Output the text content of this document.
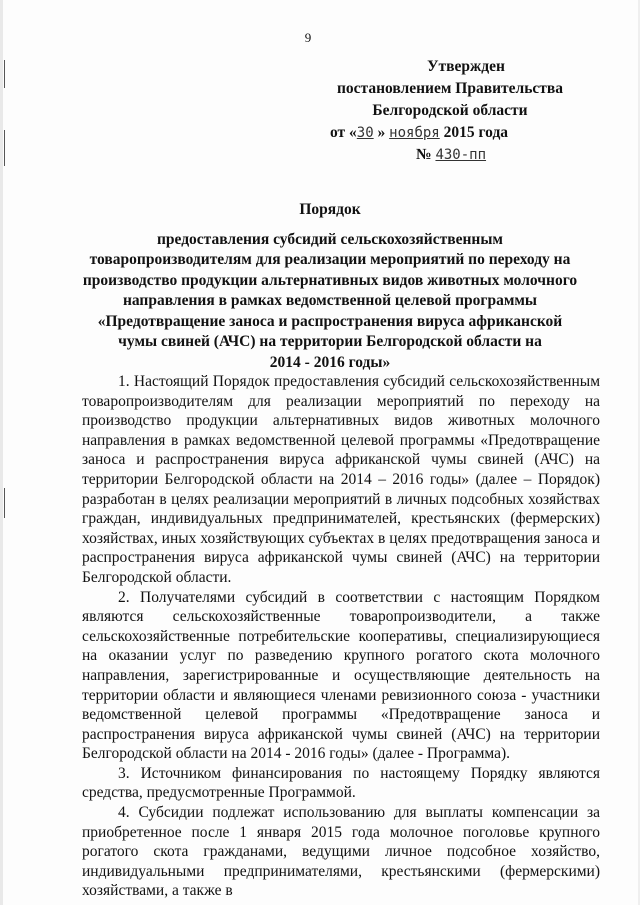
9
Утвержден
постановлением Правительства
Белгородской области
от «30 » ноября 2015 года
№ 430-пп
Порядок
предоставления субсидий сельскохозяйственным
товаропроизводителям для реализации мероприятий по переходу на
производство продукции альтернативных видов животных молочного
направления в рамках ведомственной целевой программы
«Предотвращение заноса и распространения вируса африканской
чумы свиней (АЧС) на территории Белгородской области на
2014 - 2016 годы»

1. Настоящий Порядок предоставления субсидий сельскохозяйственным товаропроизводителям для реализации мероприятий по переходу на производство продукции альтернативных видов животных молочного направления в рамках ведомственной целевой программы «Предотвращение заноса и распространения вируса африканской чумы свиней (АЧС) на территории Белгородской области на 2014 – 2016 годы» (далее – Порядок) разработан в целях реализации мероприятий в личных подсобных хозяйствах граждан, индивидуальных предпринимателей, крестьянских (фермерских) хозяйствах, иных хозяйствующих субъектах в целях предотвращения заноса и распространения вируса африканской чумы свиней (АЧС) на территории Белгородской области.

2. Получателями субсидий в соответствии с настоящим Порядком являются сельскохозяйственные товаропроизводители, а также сельскохозяйственные потребительские кооперативы, специализирующиеся на оказании услуг по разведению крупного рогатого скота молочного направления, зарегистрированные и осуществляющие деятельность на территории области и являющиеся членами ревизионного союза - участники ведомственной целевой программы «Предотвращение заноса и распространения вируса африканской чумы свиней (АЧС) на территории Белгородской области на 2014 - 2016 годы» (далее - Программа).

3. Источником финансирования по настоящему Порядку являются средства, предусмотренные Программой.

4. Субсидии подлежат использованию для выплаты компенсации за приобретенное после 1 января 2015 года молочное поголовье крупного рогатого скота гражданами, ведущими личное подсобное хозяйство, индивидуальными предпринимателями, крестьянскими (фермерскими) хозяйствами, а также в
